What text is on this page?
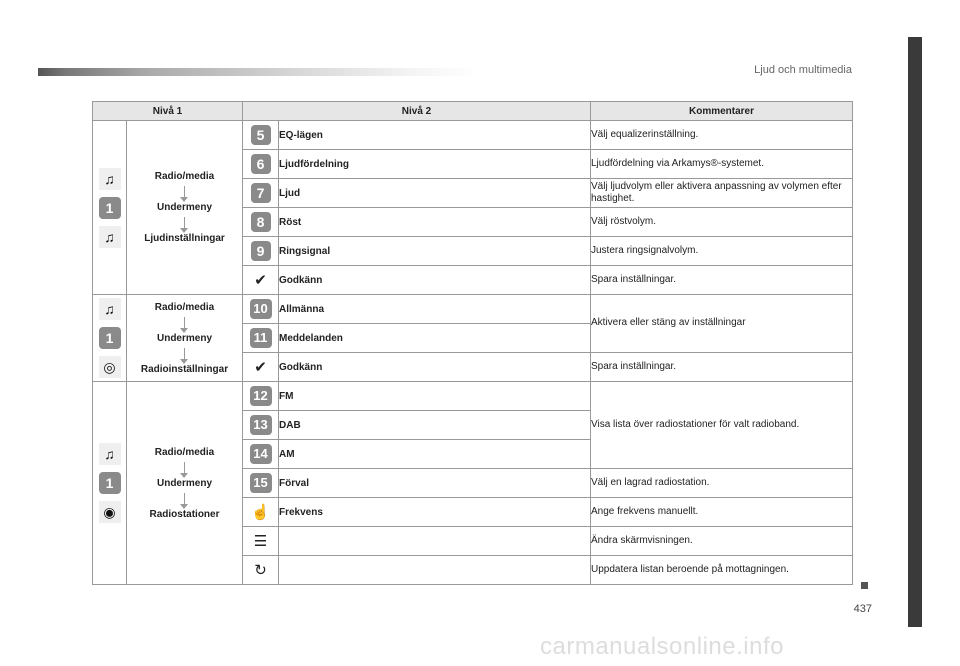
Ljud och multimedia
437
carmanualsonline.info
Nivå 1		Nivå 2		Kommentarer

♫
1
♫	Radio/media
Undermeny
Ljudinställningar	5	EQ-lägen	Välj equalizerinställning.
		6	Ljudfördelning	Ljudfördelning via Arkamys®-systemet.
		7	Ljud	Välj ljudvolym eller aktivera anpassning av volymen efter hastighet.
		8	Röst	Välj röstvolym.
		9	Ringsignal	Justera ringsignalvolym.
		✔	Godkänn	Spara inställningar.

♫
1
◎	Radio/media
Undermeny
Radioinställningar	10	Allmänna	Aktivera eller stäng av inställningar
		11	Meddelanden	
		✔	Godkänn	Spara inställningar.

♫
1
◉	Radio/media
Undermeny
Radiostationer	12	FM	Visa lista över radiostationer för valt radioband.
		13	DAB	
		14	AM	
		15	Förval	Välj en lagrad radiostation.
		☝	Frekvens	Ange frekvens manuellt.
		☰		Ändra skärmvisningen.
		↻		Uppdatera listan beroende på mottagningen.
